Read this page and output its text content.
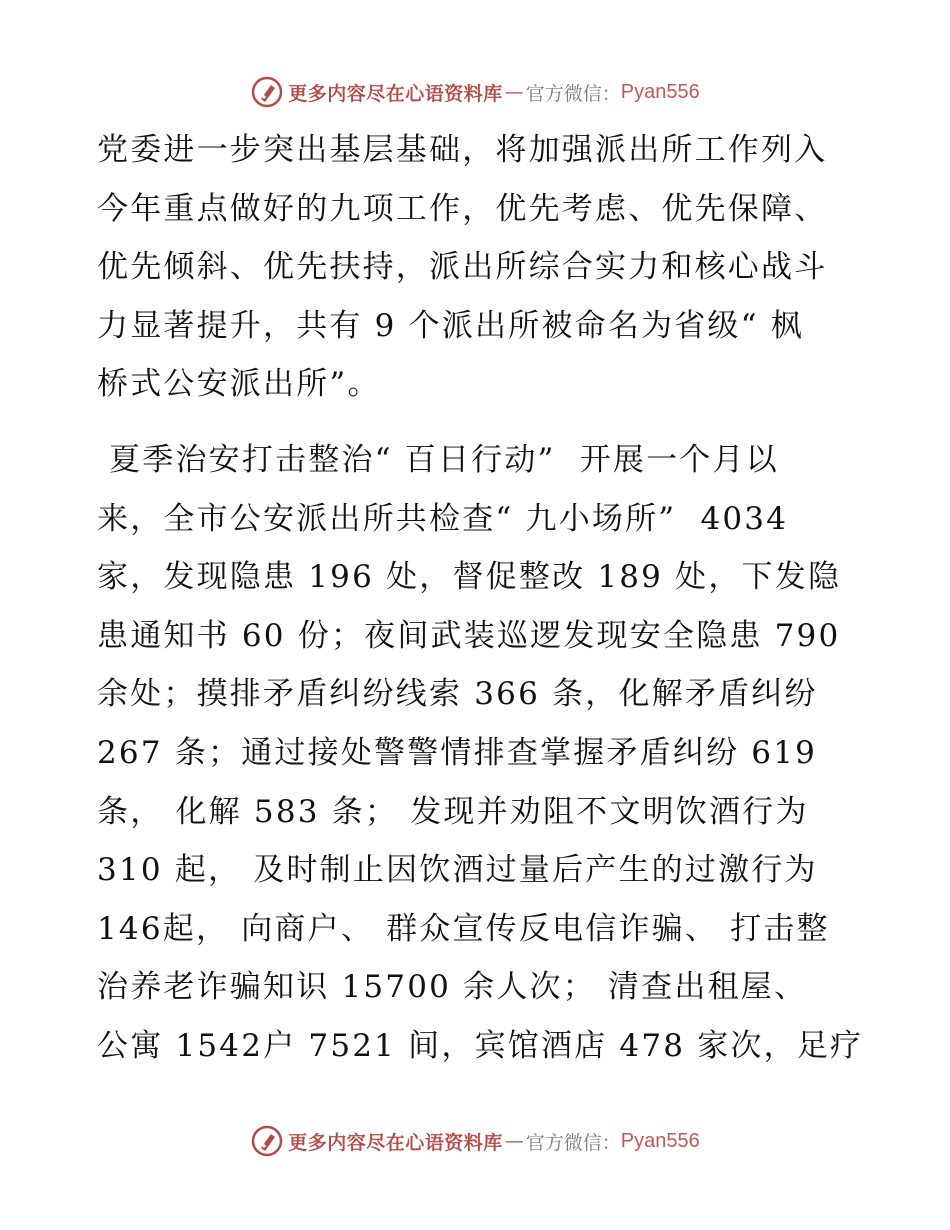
更多内容尽在心语资料库 — 官方微信： Pyan556
党委进一步突出基层基础，将加强派出所工作列入
今年重点做好的九项工作，优先考虑、优先保障、
优先倾斜、优先扶持，派出所综合实力和核心战斗
力显著提升，共有 9 个派出所被命名为省级“ 枫
桥式公安派出所”。
夏季治安打击整治“ 百日行动”  开展一个月以
来，全市公安派出所共检查“ 九小场所”  4034
家，发现隐患 196 处，督促整改 189 处，下发隐
患通知书 60 份；夜间武装巡逻发现安全隐患 790
余处；摸排矛盾纠纷线索 366 条，化解矛盾纠纷
267 条；通过接处警警情排查掌握矛盾纠纷 619
条， 化解 583 条； 发现并劝阻不文明饮酒行为
310 起， 及时制止因饮酒过量后产生的过激行为
146起， 向商户、 群众宣传反电信诈骗、 打击整
治养老诈骗知识 15700 余人次； 清查出租屋、
公寓 1542户 7521 间，宾馆酒店 478 家次，足疗
更多内容尽在心语资料库 — 官方微信： Pyan556
